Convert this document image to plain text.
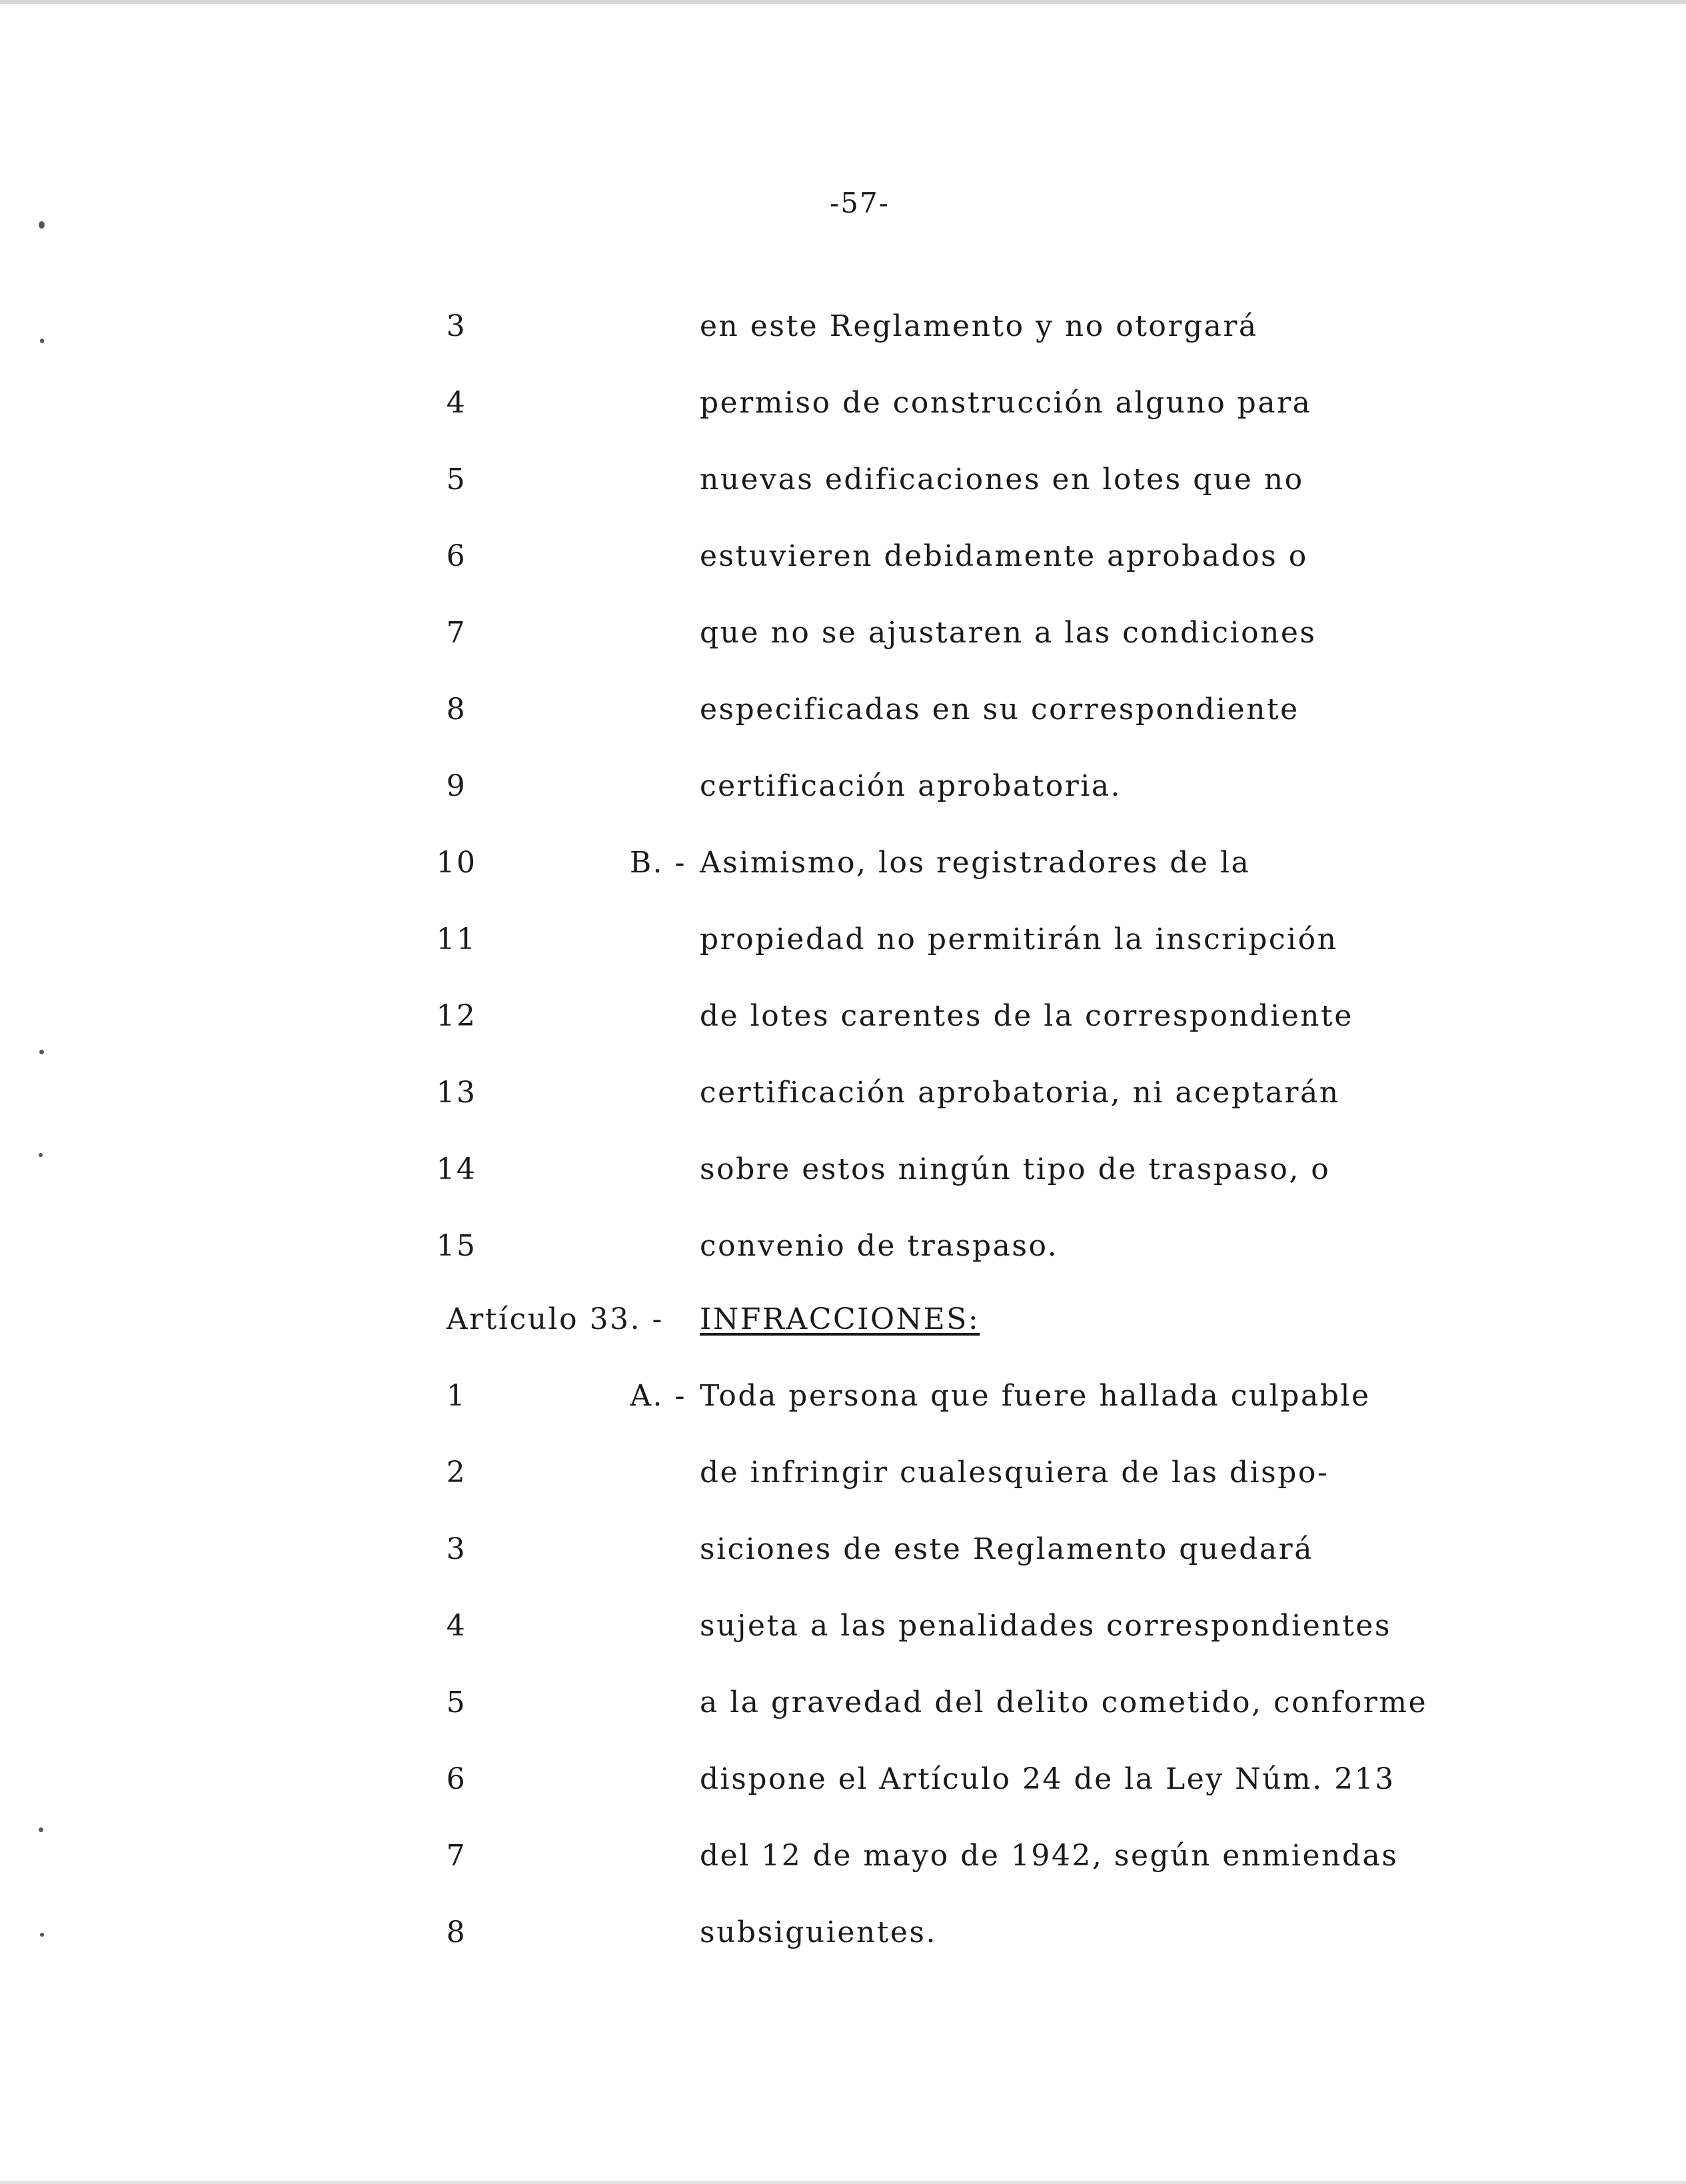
-57-
3	en este Reglamento y no otorgará
4	permiso de construcción alguno para
5	nuevas edificaciones en lotes que no
6	estuvieren debidamente aprobados o
7	que no se ajustaren a las condiciones
8	especificadas en su correspondiente
9	certificación aprobatoria.
10	B. - Asimismo, los registradores de la
11	propiedad no permitirán la inscripción
12	de lotes carentes de la correspondiente
13	certificación aprobatoria, ni aceptarán
14	sobre estos ningún tipo de traspaso, o
15	convenio de traspaso.
Artículo 33. - INFRACCIONES:
1	A. - Toda persona que fuere hallada culpable
2	de infringir cualesquiera de las dispo-
3	siciones de este Reglamento quedará
4	sujeta a las penalidades correspondientes
5	a la gravedad del delito cometido, conforme
6	dispone el Artículo 24 de la Ley Núm. 213
7	del 12 de mayo de 1942, según enmiendas
8	subsiguientes.
